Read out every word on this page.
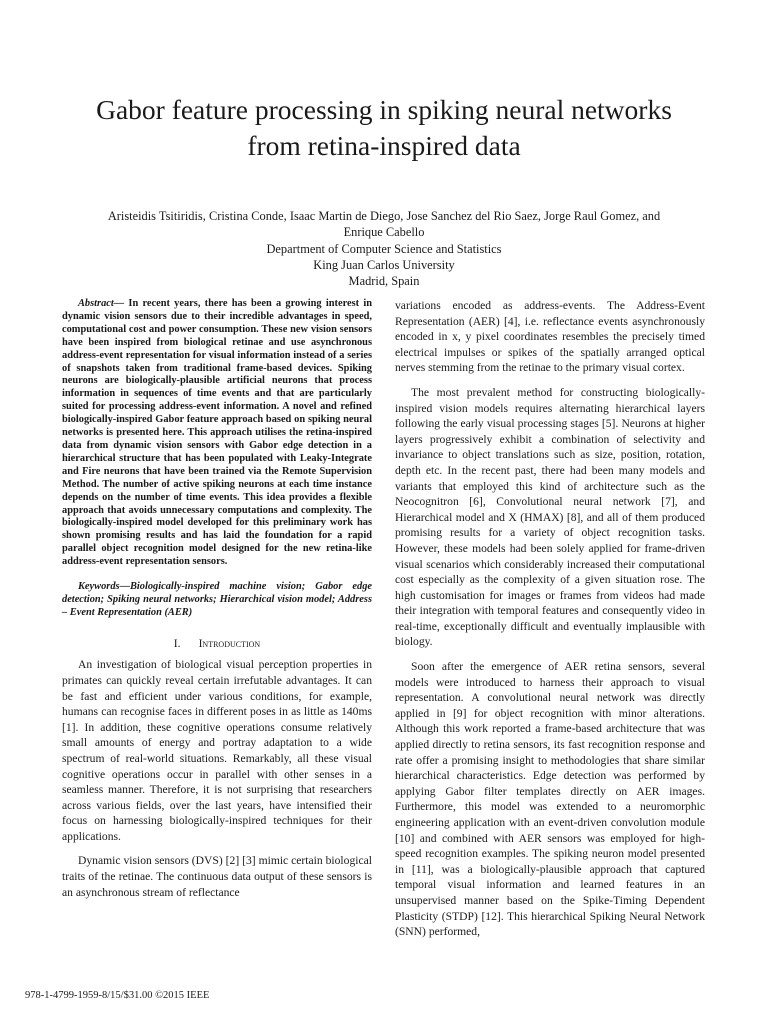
Gabor feature processing in spiking neural networks
from retina-inspired data
Aristeidis Tsitiridis, Cristina Conde, Isaac Martin de Diego, Jose Sanchez del Rio Saez, Jorge Raul Gomez, and
Enrique Cabello
Department of Computer Science and Statistics
King Juan Carlos University
Madrid, Spain

Abstract— In recent years, there has been a growing interest in dynamic vision sensors due to their incredible advantages in speed, computational cost and power consumption. These new vision sensors have been inspired from biological retinae and use asynchronous address-event representation for visual information instead of a series of snapshots taken from traditional frame-based devices. Spiking neurons are biologically-plausible artificial neurons that process information in sequences of time events and that are particularly suited for processing address-event information. A novel and refined biologically-inspired Gabor feature approach based on spiking neural networks is presented here. This approach utilises the retina-inspired data from dynamic vision sensors with Gabor edge detection in a hierarchical structure that has been populated with Leaky-Integrate and Fire neurons that have been trained via the Remote Supervision Method. The number of active spiking neurons at each time instance depends on the number of time events. This idea provides a flexible approach that avoids unnecessary computations and complexity. The biologically-inspired model developed for this preliminary work has shown promising results and has laid the foundation for a rapid parallel object recognition model designed for the new retina-like address-event representation sensors.

Keywords—Biologically-inspired machine vision; Gabor edge detection; Spiking neural networks; Hierarchical vision model; Address – Event Representation (AER)

I. Introduction

An investigation of biological visual perception properties in primates can quickly reveal certain irrefutable advantages. It can be fast and efficient under various conditions, for example, humans can recognise faces in different poses in as little as 140ms [1]. In addition, these cognitive operations consume relatively small amounts of energy and portray adaptation to a wide spectrum of real-world situations. Remarkably, all these visual cognitive operations occur in parallel with other senses in a seamless manner. Therefore, it is not surprising that researchers across various fields, over the last years, have intensified their focus on harnessing biologically-inspired techniques for their applications.

Dynamic vision sensors (DVS) [2] [3] mimic certain biological traits of the retinae. The continuous data output of these sensors is an asynchronous stream of reflectance

variations encoded as address-events. The Address-Event Representation (AER) [4], i.e. reflectance events asynchronously encoded in x, y pixel coordinates resembles the precisely timed electrical impulses or spikes of the spatially arranged optical nerves stemming from the retinae to the primary visual cortex.

The most prevalent method for constructing biologically-inspired vision models requires alternating hierarchical layers following the early visual processing stages [5]. Neurons at higher layers progressively exhibit a combination of selectivity and invariance to object translations such as size, position, rotation, depth etc. In the recent past, there had been many models and variants that employed this kind of architecture such as the Neocognitron [6], Convolutional neural network [7], and Hierarchical model and X (HMAX) [8], and all of them produced promising results for a variety of object recognition tasks. However, these models had been solely applied for frame-driven visual scenarios which considerably increased their computational cost especially as the complexity of a given situation rose. The high customisation for images or frames from videos had made their integration with temporal features and consequently video in real-time, exceptionally difficult and eventually implausible with biology.

Soon after the emergence of AER retina sensors, several models were introduced to harness their approach to visual representation. A convolutional neural network was directly applied in [9] for object recognition with minor alterations. Although this work reported a frame-based architecture that was applied directly to retina sensors, its fast recognition response and rate offer a promising insight to methodologies that share similar hierarchical characteristics. Edge detection was performed by applying Gabor filter templates directly on AER images. Furthermore, this model was extended to a neuromorphic engineering application with an event-driven convolution module [10] and combined with AER sensors was employed for high-speed recognition examples. The spiking neuron model presented in [11], was a biologically-plausible approach that captured temporal visual information and learned features in an unsupervised manner based on the Spike-Timing Dependent Plasticity (STDP) [12]. This hierarchical Spiking Neural Network (SNN) performed,

978-1-4799-1959-8/15/$31.00 ©2015 IEEE
